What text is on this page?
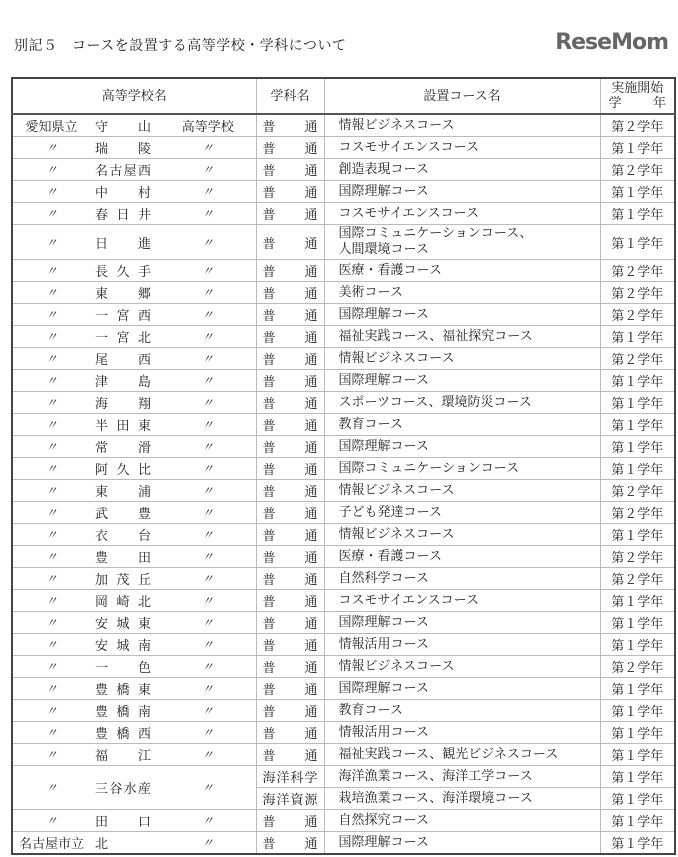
別記５　コースを設置する高等学校・学科について
高等学校名			学科名	設置コース名	実施開始
学　年

愛知県立	守山	高等学校	普通	情報ビジネスコース	第２学年
〃	瑞陵	〃	普通	コスモサイエンスコース	第１学年
〃	名古屋西	〃	普通	創造表現コース	第２学年
〃	中村	〃	普通	国際理解コース	第１学年
〃	春日井	〃	普通	コスモサイエンスコース	第１学年
〃	日進	〃	普通	国際コミュニケーションコース、
人間環境コース	第１学年
〃	長久手	〃	普通	医療・看護コース	第２学年
〃	東郷	〃	普通	美術コース	第２学年
〃	一宮西	〃	普通	国際理解コース	第２学年
〃	一宮北	〃	普通	福祉実践コース、福祉探究コース	第１学年
〃	尾西	〃	普通	情報ビジネスコース	第２学年
〃	津島	〃	普通	国際理解コース	第１学年
〃	海翔	〃	普通	スポーツコース、環境防災コース	第１学年
〃	半田東	〃	普通	教育コース	第１学年
〃	常滑	〃	普通	国際理解コース	第１学年
〃	阿久比	〃	普通	国際コミュニケーションコース	第１学年
〃	東浦	〃	普通	情報ビジネスコース	第２学年
〃	武豊	〃	普通	子ども発達コース	第２学年
〃	衣台	〃	普通	情報ビジネスコース	第１学年
〃	豊田	〃	普通	医療・看護コース	第２学年
〃	加茂丘	〃	普通	自然科学コース	第２学年
〃	岡崎北	〃	普通	コスモサイエンスコース	第１学年
〃	安城東	〃	普通	国際理解コース	第１学年
〃	安城南	〃	普通	情報活用コース	第１学年
〃	一色	〃	普通	情報ビジネスコース	第２学年
〃	豊橋東	〃	普通	国際理解コース	第１学年
〃	豊橋南	〃	普通	教育コース	第１学年
〃	豊橋西	〃	普通	情報活用コース	第１学年
〃	福江	〃	普通	福祉実践コース、観光ビジネスコース	第１学年
〃	三谷水産	〃	海洋科学	海洋漁業コース、海洋工学コース	第１学年
			海洋資源	栽培漁業コース、海洋環境コース	第１学年
〃	田口	〃	普通	自然探究コース	第１学年
名古屋市立	北	〃	普通	国際理解コース	第１学年
ReseMom
